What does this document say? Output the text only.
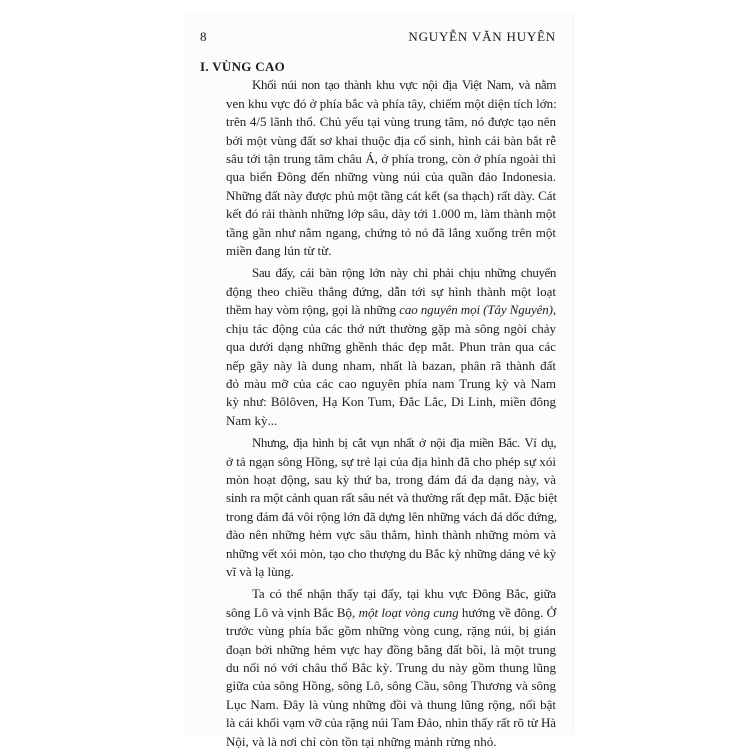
8	NGUYỄN VĂN HUYÊN

I. VÙNG CAO

Khối núi non tạo thành khu vực nội địa Việt Nam, và nằm
ven khu vực đó ở phía bắc và phía tây, chiếm một diện tích lớn:
trên 4/5 lãnh thổ. Chủ yếu tại vùng trung tâm, nó được tạo nên
bởi một vùng đất sơ khai thuộc địa cổ sinh, hình cái bàn bắt rễ
sâu tới tận trung tâm châu Á, ở phía trong, còn ở phía ngoài thì
qua biển Đông đến những vùng núi của quần đảo Indonesia.
Những đất này được phủ một tầng cát kết (sa thạch) rất dày. Cát
kết đó rải thành những lớp sâu, dày tới 1.000 m, làm thành một
tầng gần như nằm ngang, chứng tỏ nó đã lắng xuống trên một
miền đang lún từ từ.

Sau đấy, cái bàn rộng lớn này chỉ phải chịu những chuyển
động theo chiều thẳng đứng, dẫn tới sự hình thành một loạt
thềm hay vòm rộng, gọi là những cao nguyên mọi (Tây Nguyên),
chịu tác động của các thớ nứt thường gặp mà sông ngòi chảy
qua dưới dạng những ghềnh thác đẹp mắt. Phun tràn qua các
nếp gãy này là dung nham, nhất là bazan, phân rã thành đất
đỏ màu mỡ của các cao nguyên phía nam Trung kỳ và Nam
kỳ như: Bôlôven, Hạ Kon Tum, Đắc Lắc, Di Linh, miền đông
Nam kỳ...

Nhưng, địa hình bị cắt vụn nhất ở nội địa miền Bắc. Ví dụ,
ở tả ngạn sông Hồng, sự trẻ lại của địa hình đã cho phép sự xói
mòn hoạt động, sau kỳ thứ ba, trong đám đá đa dạng này, và
sinh ra một cảnh quan rất sâu nét và thường rất đẹp mắt. Đặc biệt
trong đám đá vôi rộng lớn đã dựng lên những vách đá dốc đứng,
đào nên những hẻm vực sâu thẳm, hình thành những mỏm và
những vết xói mòn, tạo cho thượng du Bắc kỳ những dáng vẻ kỳ
vĩ và lạ lùng.

Ta có thể nhận thấy tại đấy, tại khu vực Đông Bắc, giữa
sông Lô và vịnh Bắc Bộ, một loạt vòng cung hướng về đông. Ở
trước vùng phía bắc gồm những vòng cung, rặng núi, bị gián
đoạn bởi những hẻm vực hay đồng bằng đất bồi, là một trung
du nối nó với châu thổ Bắc kỳ. Trung du này gồm thung lũng
giữa của sông Hồng, sông Lô, sông Cầu, sông Thương và sông
Lục Nam. Đây là vùng những đồi và thung lũng rộng, nổi bật
là cái khối vạm vỡ của rặng núi Tam Đảo, nhìn thấy rất rõ từ Hà
Nội, và là nơi chỉ còn tồn tại những mảnh rừng nhỏ.
